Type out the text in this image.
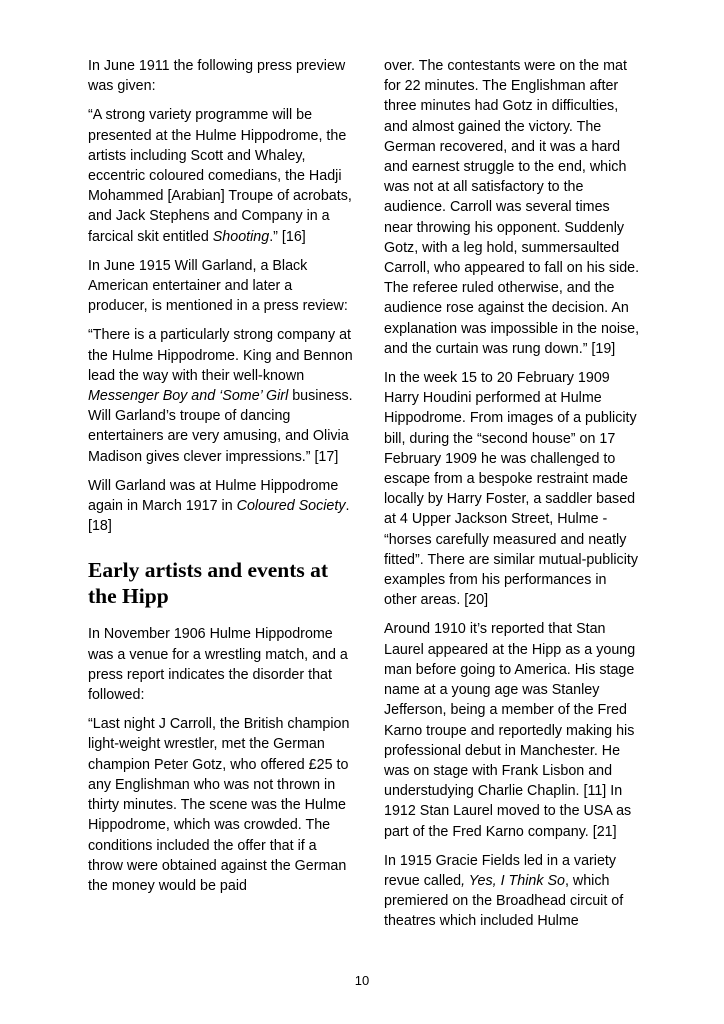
In June 1911 the following press preview was given:

“A strong variety programme will be presented at the Hulme Hippodrome, the artists including Scott and Whaley, eccentric coloured comedians, the Hadji Mohammed [Arabian] Troupe of acrobats, and Jack Stephens and Company in a farcical skit entitled Shooting.” [16]

In June 1915 Will Garland, a Black American entertainer and later a producer, is mentioned in a press review:

“There is a particularly strong company at the Hulme Hippodrome. King and Bennon lead the way with their well-known Messenger Boy and ‘Some’ Girl business. Will Garland’s troupe of dancing entertainers are very amusing, and Olivia Madison gives clever impressions.” [17]

Will Garland was at Hulme Hippodrome again in March 1917 in Coloured Society. [18]

Early artists and events at the Hipp

In November 1906 Hulme Hippodrome was a venue for a wrestling match, and a press report indicates the disorder that followed:

“Last night J Carroll, the British champion light-weight wrestler, met the German champion Peter Gotz, who offered £25 to any Englishman who was not thrown in thirty minutes. The scene was the Hulme Hippodrome, which was crowded. The conditions included the offer that if a throw were obtained against the German the money would be paid

over. The contestants were on the mat for 22 minutes. The Englishman after three minutes had Gotz in difficulties, and almost gained the victory. The German recovered, and it was a hard and earnest struggle to the end, which was not at all satisfactory to the audience. Carroll was several times near throwing his opponent. Suddenly Gotz, with a leg hold, summersaulted Carroll, who appeared to fall on his side. The referee ruled otherwise, and the audience rose against the decision. An explanation was impossible in the noise, and the curtain was rung down.” [19]

In the week 15 to 20 February 1909 Harry Houdini performed at Hulme Hippodrome. From images of a publicity bill, during the “second house” on 17 February 1909 he was challenged to escape from a bespoke restraint made locally by Harry Foster, a saddler based at 4 Upper Jackson Street, Hulme - “horses carefully measured and neatly fitted”. There are similar mutual-publicity examples from his performances in other areas. [20]

Around 1910 it’s reported that Stan Laurel appeared at the Hipp as a young man before going to America. His stage name at a young age was Stanley Jefferson, being a member of the Fred Karno troupe and reportedly making his professional debut in Manchester. He was on stage with Frank Lisbon and understudying Charlie Chaplin. [11] In 1912 Stan Laurel moved to the USA as part of the Fred Karno company. [21]

In 1915 Gracie Fields led in a variety revue called, Yes, I Think So, which premiered on the Broadhead circuit of theatres which included Hulme

10
